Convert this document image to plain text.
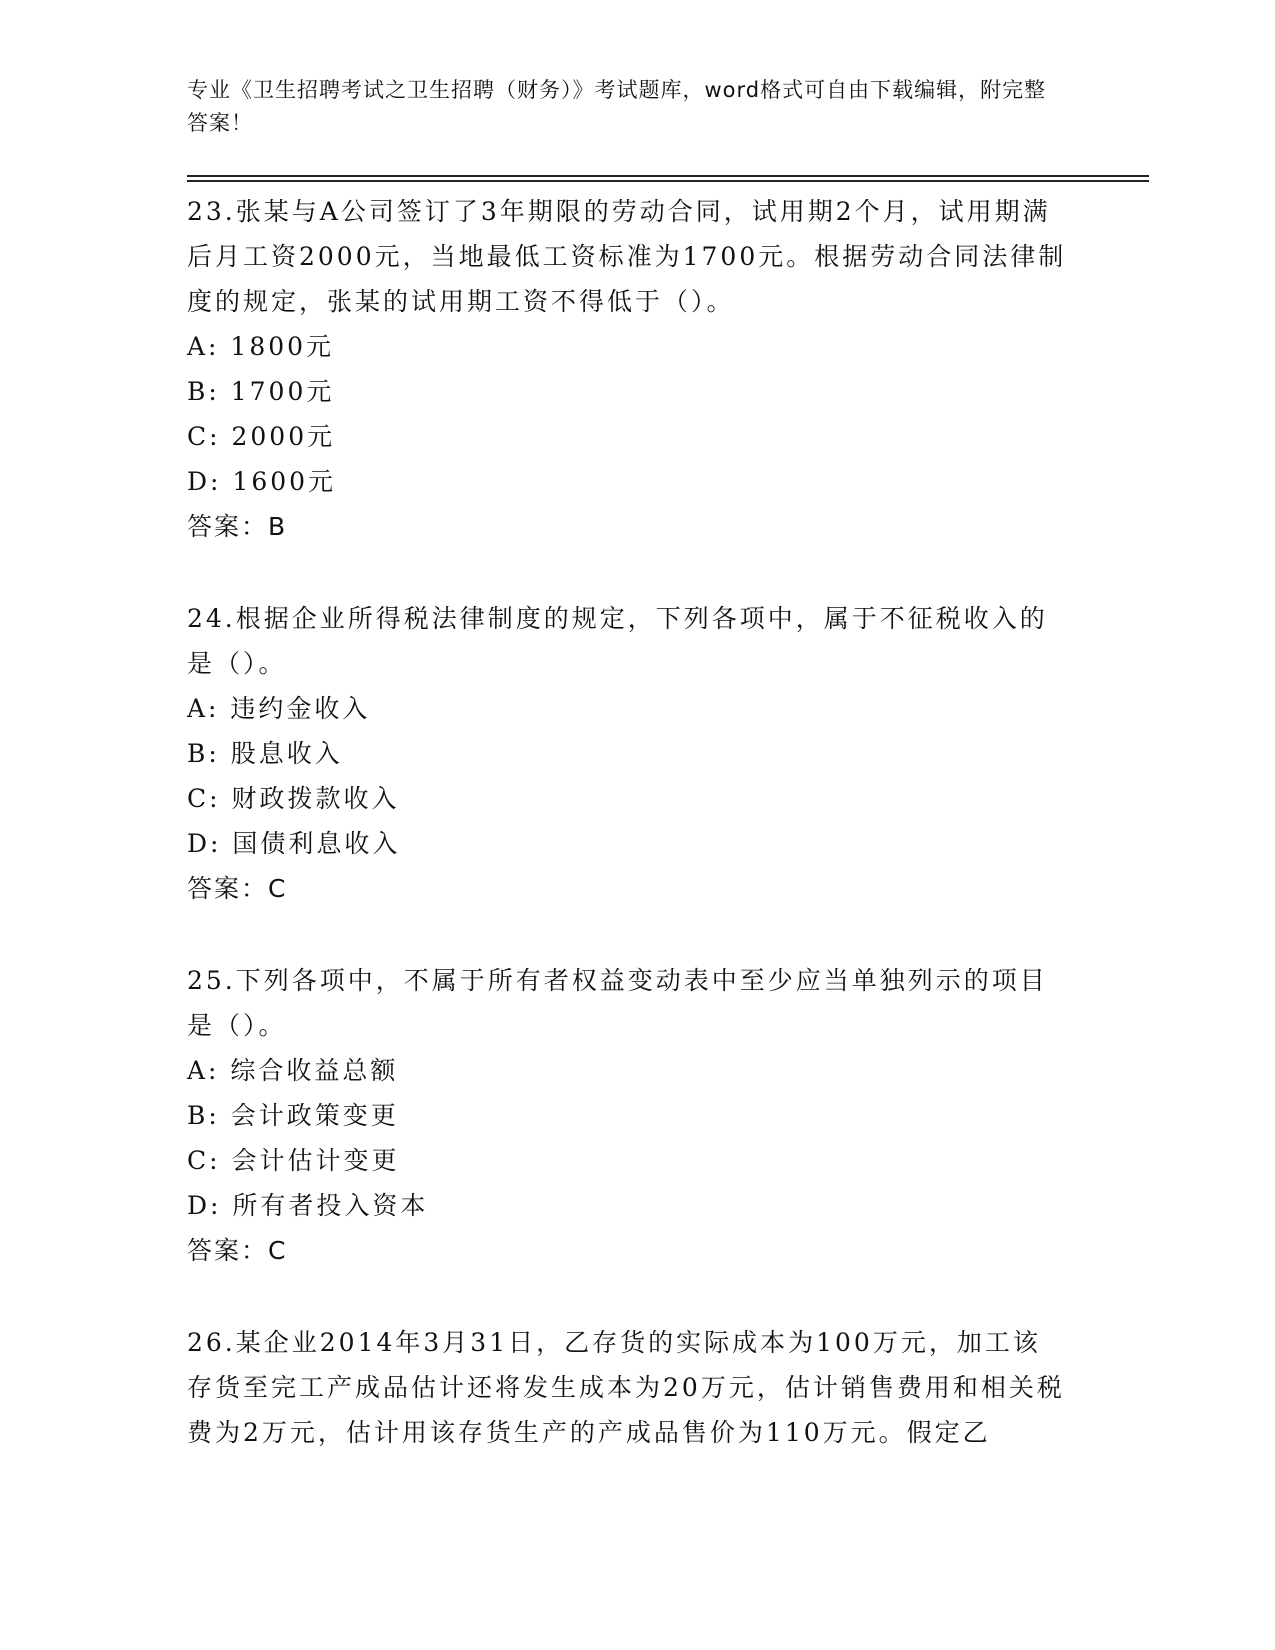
专业《卫生招聘考试之卫生招聘（财务）》考试题库，word格式可自由下载编辑，附完整答案！
23.张某与A公司签订了3年期限的劳动合同，试用期2个月，试用期满后月工资2000元，当地最低工资标准为1700元。根据劳动合同法律制度的规定，张某的试用期工资不得低于（）。
A: 1800元
B: 1700元
C: 2000元
D: 1600元
答案：B
24.根据企业所得税法律制度的规定，下列各项中，属于不征税收入的是（）。
A: 违约金收入
B: 股息收入
C: 财政拨款收入
D: 国债利息收入
答案：C
25.下列各项中，不属于所有者权益变动表中至少应当单独列示的项目是（）。
A: 综合收益总额
B: 会计政策变更
C: 会计估计变更
D: 所有者投入资本
答案：C
26.某企业2014年3月31日，乙存货的实际成本为100万元，加工该存货至完工产成品估计还将发生成本为20万元，估计销售费用和相关税费为2万元，估计用该存货生产的产成品售价为110万元。假定乙
